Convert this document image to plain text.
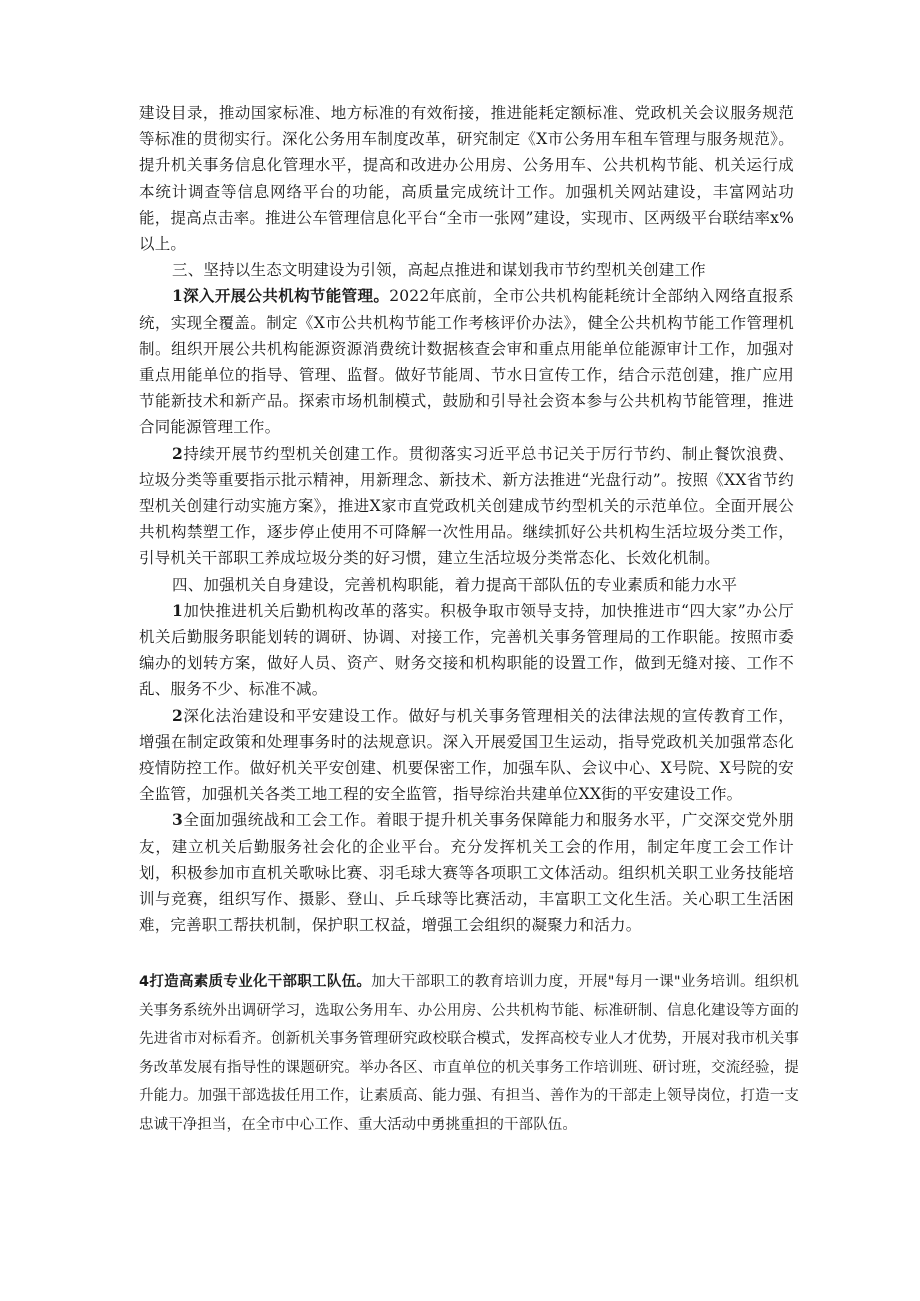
建设目录，推动国家标准、地方标准的有效衔接，推进能耗定额标准、党政机关会议服务规范等标准的贯彻实行。深化公务用车制度改革，研究制定《X市公务用车租车管理与服务规范》。提升机关事务信息化管理水平，提高和改进办公用房、公务用车、公共机构节能、机关运行成本统计调查等信息网络平台的功能，高质量完成统计工作。加强机关网站建设，丰富网站功能，提高点击率。推进公车管理信息化平台“全市一张网”建设，实现市、区两级平台联结率x%以上。

三、坚持以生态文明建设为引领，高起点推进和谋划我市节约型机关创建工作

1深入开展公共机构节能管理。2022年底前，全市公共机构能耗统计全部纳入网络直报系统，实现全覆盖。制定《X市公共机构节能工作考核评价办法》，健全公共机构节能工作管理机制。组织开展公共机构能源资源消费统计数据核查会审和重点用能单位能源审计工作，加强对重点用能单位的指导、管理、监督。做好节能周、节水日宣传工作，结合示范创建，推广应用节能新技术和新产品。探索市场机制模式，鼓励和引导社会资本参与公共机构节能管理，推进合同能源管理工作。

2持续开展节约型机关创建工作。贯彻落实习近平总书记关于厉行节约、制止餐饮浪费、垃圾分类等重要指示批示精神，用新理念、新技术、新方法推进“光盘行动”。按照《XX省节约型机关创建行动实施方案》，推进X家市直党政机关创建成节约型机关的示范单位。全面开展公共机构禁塑工作，逐步停止使用不可降解一次性用品。继续抓好公共机构生活垃圾分类工作，引导机关干部职工养成垃圾分类的好习惯，建立生活垃圾分类常态化、长效化机制。

四、加强机关自身建设，完善机构职能，着力提高干部队伍的专业素质和能力水平

1加快推进机关后勤机构改革的落实。积极争取市领导支持，加快推进市“四大家”办公厅机关后勤服务职能划转的调研、协调、对接工作，完善机关事务管理局的工作职能。按照市委编办的划转方案，做好人员、资产、财务交接和机构职能的设置工作，做到无缝对接、工作不乱、服务不少、标准不减。

2深化法治建设和平安建设工作。做好与机关事务管理相关的法律法规的宣传教育工作，增强在制定政策和处理事务时的法规意识。深入开展爱国卫生运动，指导党政机关加强常态化疫情防控工作。做好机关平安创建、机要保密工作，加强车队、会议中心、X号院、X号院的安全监管，加强机关各类工地工程的安全监管，指导综治共建单位XX街的平安建设工作。

3全面加强统战和工会工作。着眼于提升机关事务保障能力和服务水平，广交深交党外朋友，建立机关后勤服务社会化的企业平台。充分发挥机关工会的作用，制定年度工会工作计划，积极参加市直机关歌咏比赛、羽毛球大赛等各项职工文体活动。组织机关职工业务技能培训与竞赛，组织写作、摄影、登山、乒乓球等比赛活动，丰富职工文化生活。关心职工生活困难，完善职工帮扶机制，保护职工权益，增强工会组织的凝聚力和活力。

4打造高素质专业化干部职工队伍。加大干部职工的教育培训力度，开展"每月一课"业务培训。组织机关事务系统外出调研学习，选取公务用车、办公用房、公共机构节能、标准研制、信息化建设等方面的先进省市对标看齐。创新机关事务管理研究政校联合模式，发挥高校专业人才优势，开展对我市机关事务改革发展有指导性的课题研究。举办各区、市直单位的机关事务工作培训班、研讨班，交流经验，提升能力。加强干部选拔任用工作，让素质高、能力强、有担当、善作为的干部走上领导岗位，打造一支忠诚干净担当，在全市中心工作、重大活动中勇挑重担的干部队伍。
